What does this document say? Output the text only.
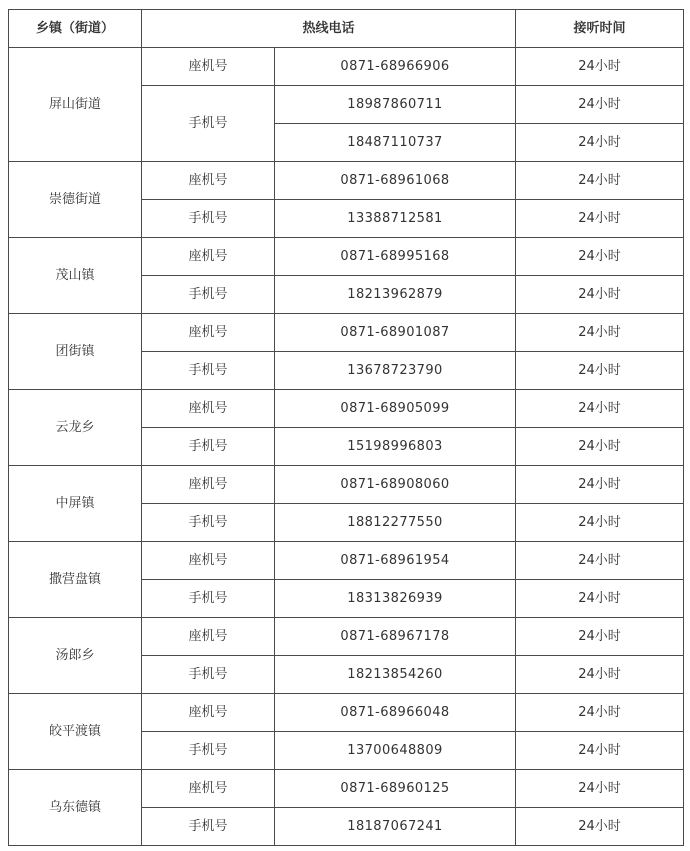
乡镇（街道）	热线电话		接听时间
屏山街道	座机号	0871-68966906	24小时
	手机号	18987860711	24小时
		18487110737	24小时
崇德街道	座机号	0871-68961068	24小时
	手机号	13388712581	24小时
茂山镇	座机号	0871-68995168	24小时
	手机号	18213962879	24小时
团街镇	座机号	0871-68901087	24小时
	手机号	13678723790	24小时
云龙乡	座机号	0871-68905099	24小时
	手机号	15198996803	24小时
中屏镇	座机号	0871-68908060	24小时
	手机号	18812277550	24小时
撒营盘镇	座机号	0871-68961954	24小时
	手机号	18313826939	24小时
汤郎乡	座机号	0871-68967178	24小时
	手机号	18213854260	24小时
皎平渡镇	座机号	0871-68966048	24小时
	手机号	13700648809	24小时
乌东德镇	座机号	0871-68960125	24小时
	手机号	18187067241	24小时
